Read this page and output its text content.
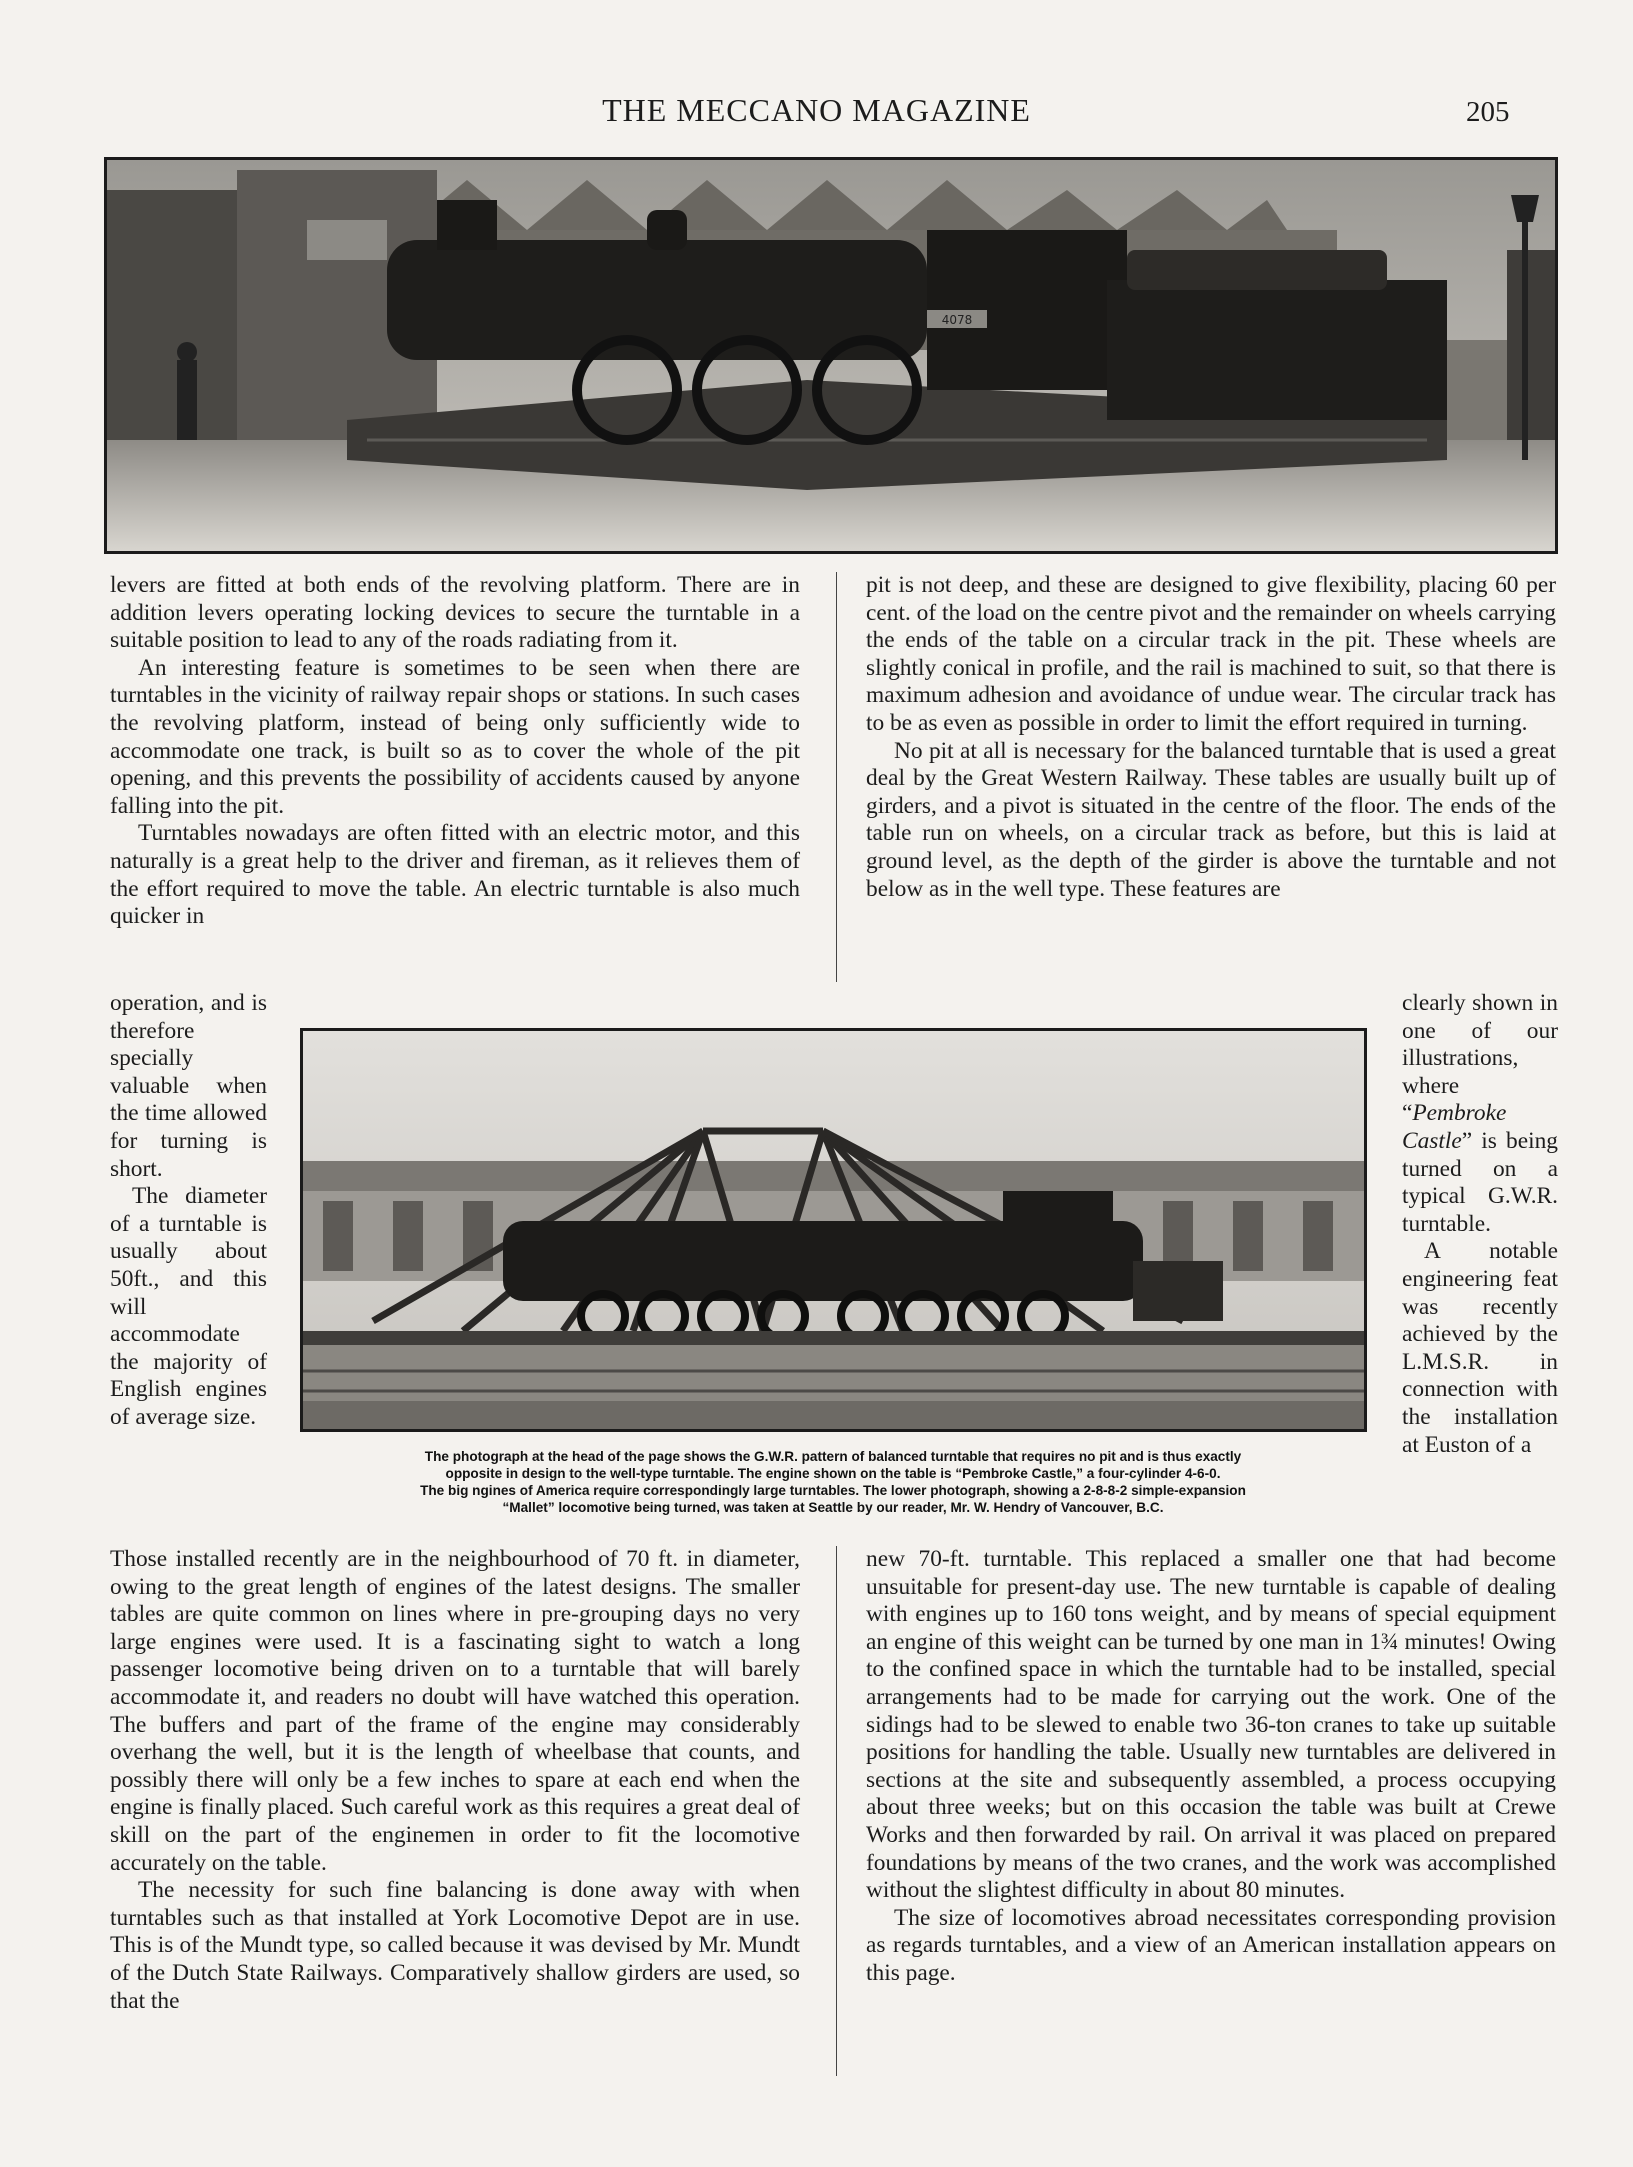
THE MECCANO MAGAZINE	205
4078

levers are fitted at both ends of the revolving platform. There are in addition levers operating locking devices to secure the turntable in a suitable position to lead to any of the roads radiating from it.

An interesting feature is sometimes to be seen when there are turntables in the vicinity of railway repair shops or stations. In such cases the revolving platform, instead of being only sufficiently wide to accommodate one track, is built so as to cover the whole of the pit opening, and this prevents the possibility of accidents caused by anyone falling into the pit.

Turntables nowadays are often fitted with an electric motor, and this naturally is a great help to the driver and fireman, as it relieves them of the effort required to move the table. An electric turntable is also much quicker in

pit is not deep, and these are designed to give flexibility, placing 60 per cent. of the load on the centre pivot and the remainder on wheels carrying the ends of the table on a circular track in the pit. These wheels are slightly conical in profile, and the rail is machined to suit, so that there is maximum adhesion and avoidance of undue wear. The circular track has to be as even as possible in order to limit the effort required in turning.

No pit at all is necessary for the balanced turntable that is used a great deal by the Great Western Railway. These tables are usually built up of girders, and a pivot is situated in the centre of the floor. The ends of the table run on wheels, on a circular track as before, but this is laid at ground level, as the depth of the girder is above the turntable and not below as in the well type. These features are

operation, and is therefore specially valuable when the time allowed for turning is short.

The diameter of a turntable is usually about 50ft., and this will accommodate the majority of English engines of average size.

clearly shown in one of our illustrations, where “Pembroke Castle” is being turned on a typical G.W.R. turntable.

A notable engineering feat was recently achieved by the L.M.S.R. in connection with the installation at Euston of a

The photograph at the head of the page shows the G.W.R. pattern of balanced turntable that requires no pit and is thus exactly
opposite in design to the well-type turntable. The engine shown on the table is “Pembroke Castle,” a four-cylinder 4-6-0.
The big ngines of America require correspondingly large turntables. The lower photograph, showing a 2-8-8-2 simple-expansion
“Mallet” locomotive being turned, was taken at Seattle by our reader, Mr. W. Hendry of Vancouver, B.C.

Those installed recently are in the neighbourhood of 70 ft. in diameter, owing to the great length of engines of the latest designs. The smaller tables are quite common on lines where in pre-grouping days no very large engines were used. It is a fascinating sight to watch a long passenger locomotive being driven on to a turntable that will barely accommodate it, and readers no doubt will have watched this operation. The buffers and part of the frame of the engine may considerably overhang the well, but it is the length of wheelbase that counts, and possibly there will only be a few inches to spare at each end when the engine is finally placed. Such careful work as this requires a great deal of skill on the part of the enginemen in order to fit the locomotive accurately on the table.

The necessity for such fine balancing is done away with when turntables such as that installed at York Locomotive Depot are in use. This is of the Mundt type, so called because it was devised by Mr. Mundt of the Dutch State Railways. Comparatively shallow girders are used, so that the

new 70-ft. turntable. This replaced a smaller one that had become unsuitable for present-day use. The new turntable is capable of dealing with engines up to 160 tons weight, and by means of special equipment an engine of this weight can be turned by one man in 1¾ minutes! Owing to the confined space in which the turntable had to be installed, special arrangements had to be made for carrying out the work. One of the sidings had to be slewed to enable two 36-ton cranes to take up suitable positions for handling the table. Usually new turntables are delivered in sections at the site and subsequently assembled, a process occupying about three weeks; but on this occasion the table was built at Crewe Works and then forwarded by rail. On arrival it was placed on prepared foundations by means of the two cranes, and the work was accomplished without the slightest difficulty in about 80 minutes.

The size of locomotives abroad necessitates corresponding provision as regards turntables, and a view of an American installation appears on this page.
